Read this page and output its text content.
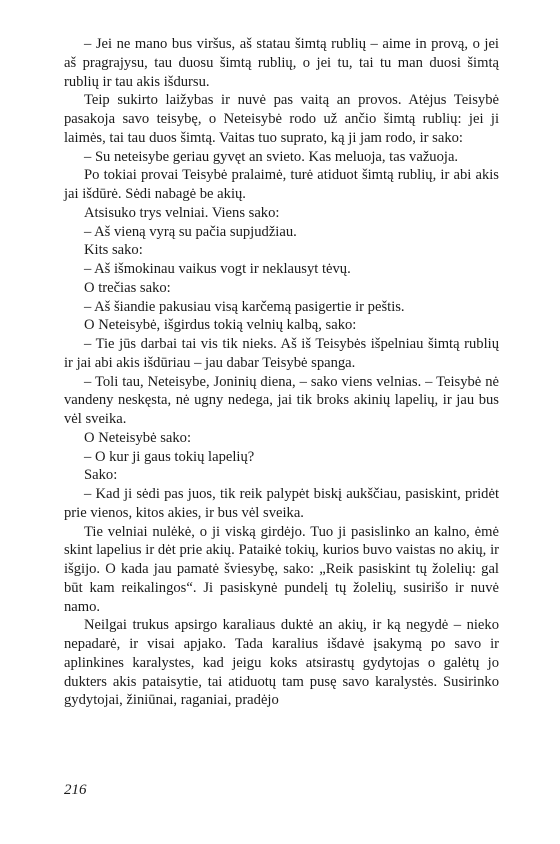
– Jei ne mano bus viršus, aš statau šimtą rublių – aime in provą, o jei aš pragrajysu, tau duosu šimtą rublių, o jei tu, tai tu man duosi šimtą rublių ir tau akis išdursu.

Teip sukirto laižybas ir nuvė pas vaitą an provos. Atėjus Teisybė pasakoja savo teisybę, o Neteisybė rodo už ančio šimtą rublių: jei ji laimės, tai tau duos šimtą. Vaitas tuo suprato, ką ji jam rodo, ir sako:

– Su neteisybe geriau gyvęt an svieto. Kas meluoja, tas važuoja.

Po tokiai provai Teisybė pralaimė, turė atiduot šimtą rublių, ir abi akis jai išdūrė. Sėdi nabagė be akių.

Atsisuko trys velniai. Viens sako:

– Aš vieną vyrą su pačia supjudžiau.

Kits sako:

– Aš išmokinau vaikus vogt ir neklausyt tėvų.

O trečias sako:

– Aš šiandie pakusiau visą karčemą pasigertie ir peštis.

O Neteisybė, išgirdus tokią velnių kalbą, sako:

– Tie jūs darbai tai vis tik nieks. Aš iš Teisybės išpelniau šimtą rublių ir jai abi akis išdūriau – jau dabar Teisybė spanga.

– Toli tau, Neteisybe, Joninių diena, – sako viens velnias. – Teisybė nė vandeny neskęsta, nė ugny nedega, jai tik broks akinių lapelių, ir jau bus vėl sveika.

O Neteisybė sako:

– O kur ji gaus tokių lapelių?

Sako:

– Kad ji sėdi pas juos, tik reik palypėt biskį aukščiau, pasiskint, pridėt prie vienos, kitos akies, ir bus vėl sveika.

Tie velniai nulėkė, o ji viską girdėjo. Tuo ji pasislinko an kalno, ėmė skint lapelius ir dėt prie akių. Pataikė tokių, kurios buvo vaistas no akių, ir išgijo. O kada jau pamatė šviesybę, sako: „Reik pasiskint tų žolelių: gal būt kam reikalingos“. Ji pasiskynė pundelį tų žolelių, susirišo ir nuvė namo.

Neilgai trukus apsirgo karaliaus duktė an akių, ir ką negydė – nieko nepadarė, ir visai apjako. Tada karalius išdavė įsakymą po savo ir aplinkines karalystes, kad jeigu koks atsirastų gydytojas o galėtų jo dukters akis pataisytie, tai atiduotų tam pusę savo karalystės. Susirinko gydytojai, žiniūnai, raganiai, pradėjo

216
